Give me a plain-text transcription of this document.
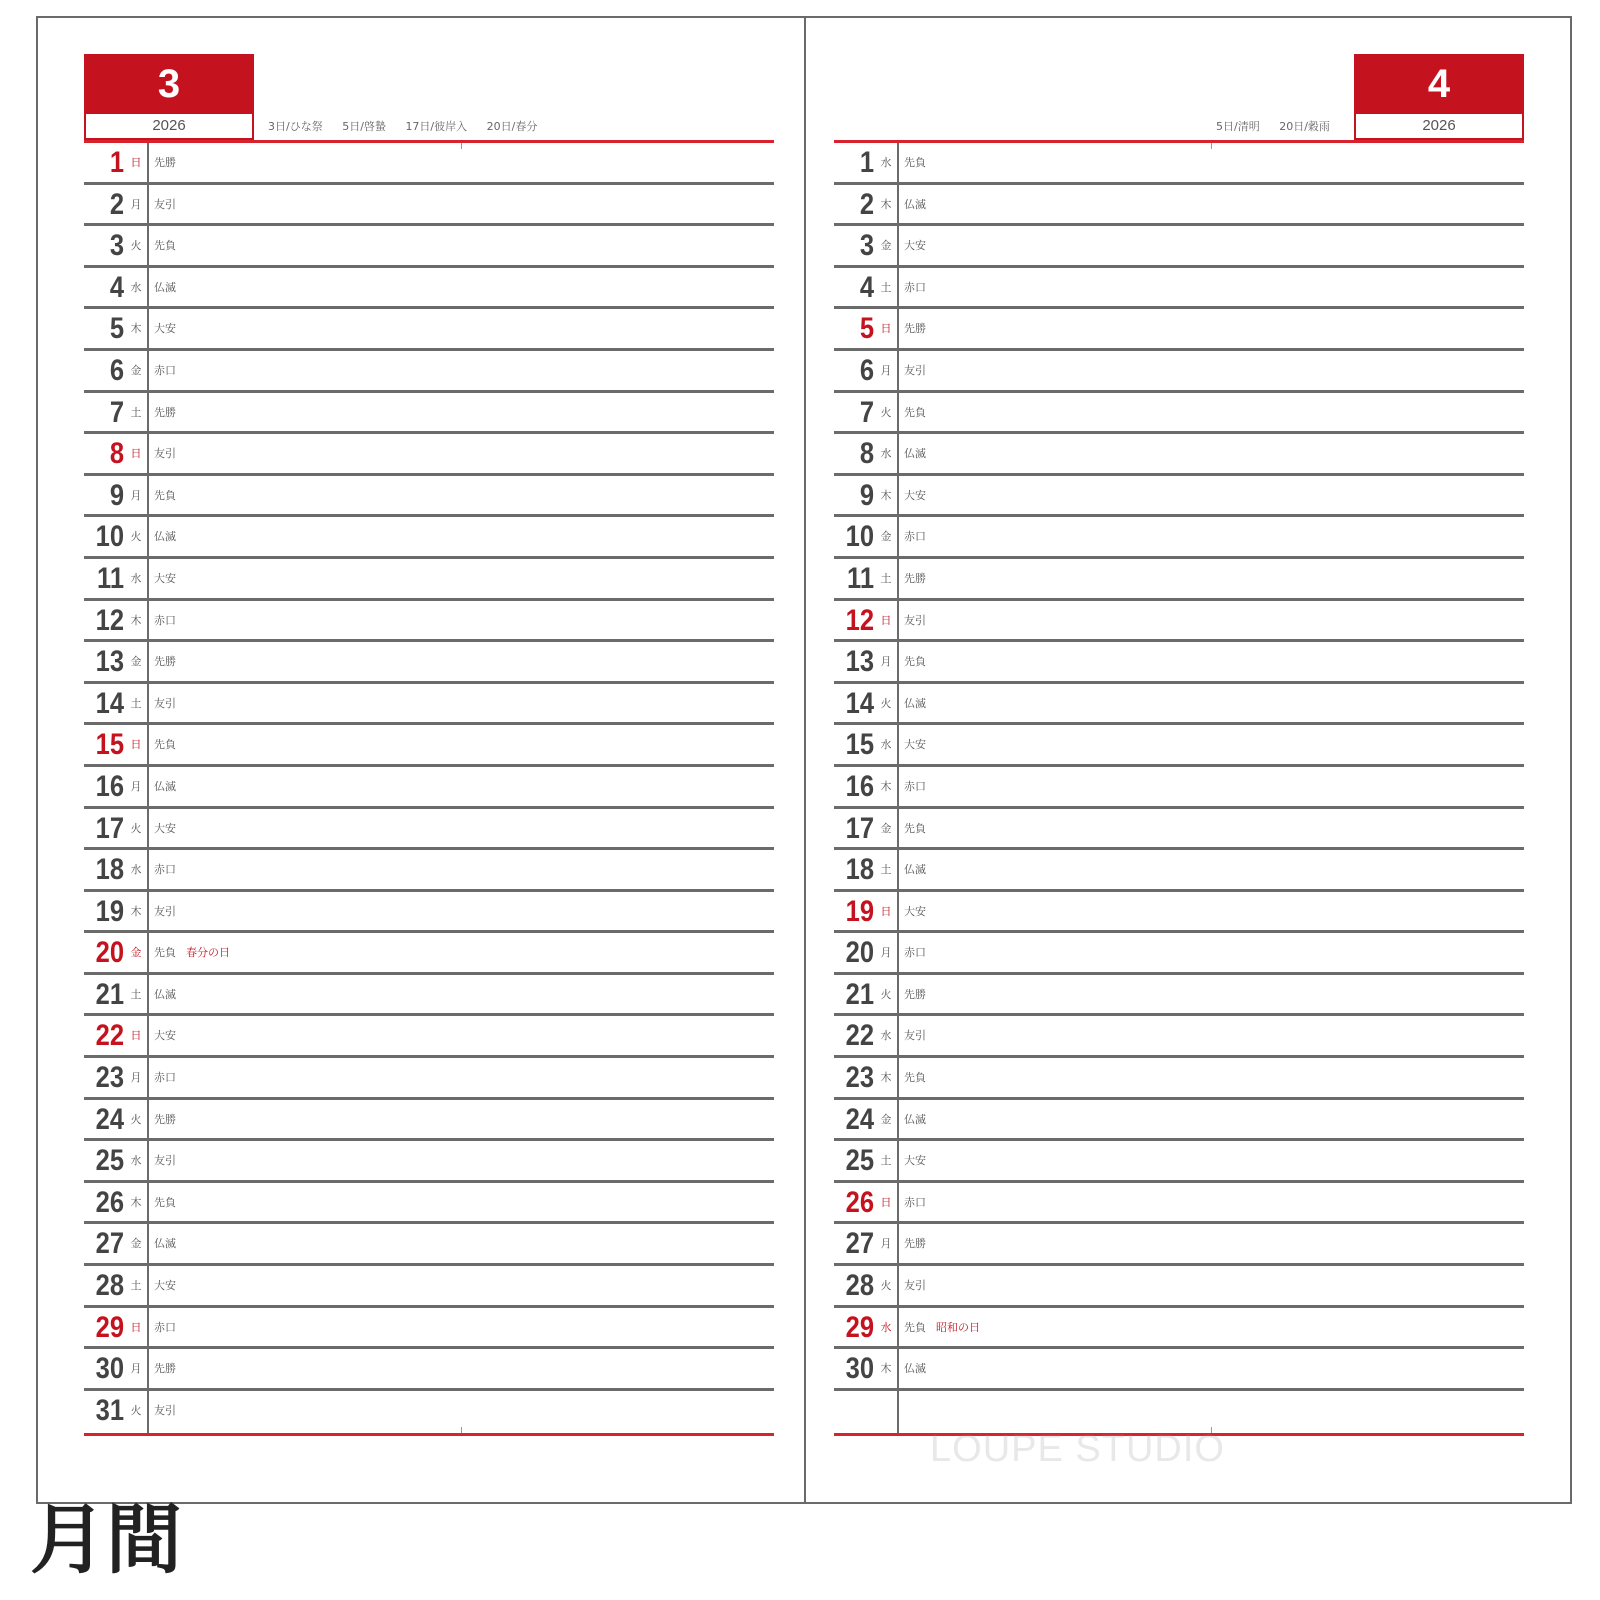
3
2026	3日/ひな祭 5日/啓蟄 17日/彼岸入 20日/春分
1 日 先勝
2 月 友引
3 火 先負
4 水 仏滅
5 木 大安
6 金 赤口
7 土 先勝
8 日 友引
9 月 先負
10 火 仏滅
11 水 大安
12 木 赤口
13 金 先勝
14 土 友引
15 日 先負
16 月 仏滅
17 火 大安
18 水 赤口
19 木 友引
20 金 先負 春分の日
21 土 仏滅
22 日 大安
23 月 赤口
24 火 先勝
25 水 友引
26 木 先負
27 金 仏滅
28 土 大安
29 日 赤口
30 月 先勝
31 火 友引
4
2026
5日/清明 20日/穀雨
1 水 先負
2 木 仏滅
3 金 大安
4 土 赤口
5 日 先勝
6 月 友引
7 火 先負
8 水 仏滅
9 木 大安
10 金 赤口
11 土 先勝
12 日 友引
13 月 先負
14 火 仏滅
15 水 大安
16 木 赤口
17 金 先負
18 土 仏滅
19 日 大安
20 月 赤口
21 火 先勝
22 水 友引
23 木 先負
24 金 仏滅
25 土 大安
26 日 赤口
27 月 先勝
28 火 友引
29 水 先負 昭和の日
30 木 仏滅
LOUPE STUDIO
月間
